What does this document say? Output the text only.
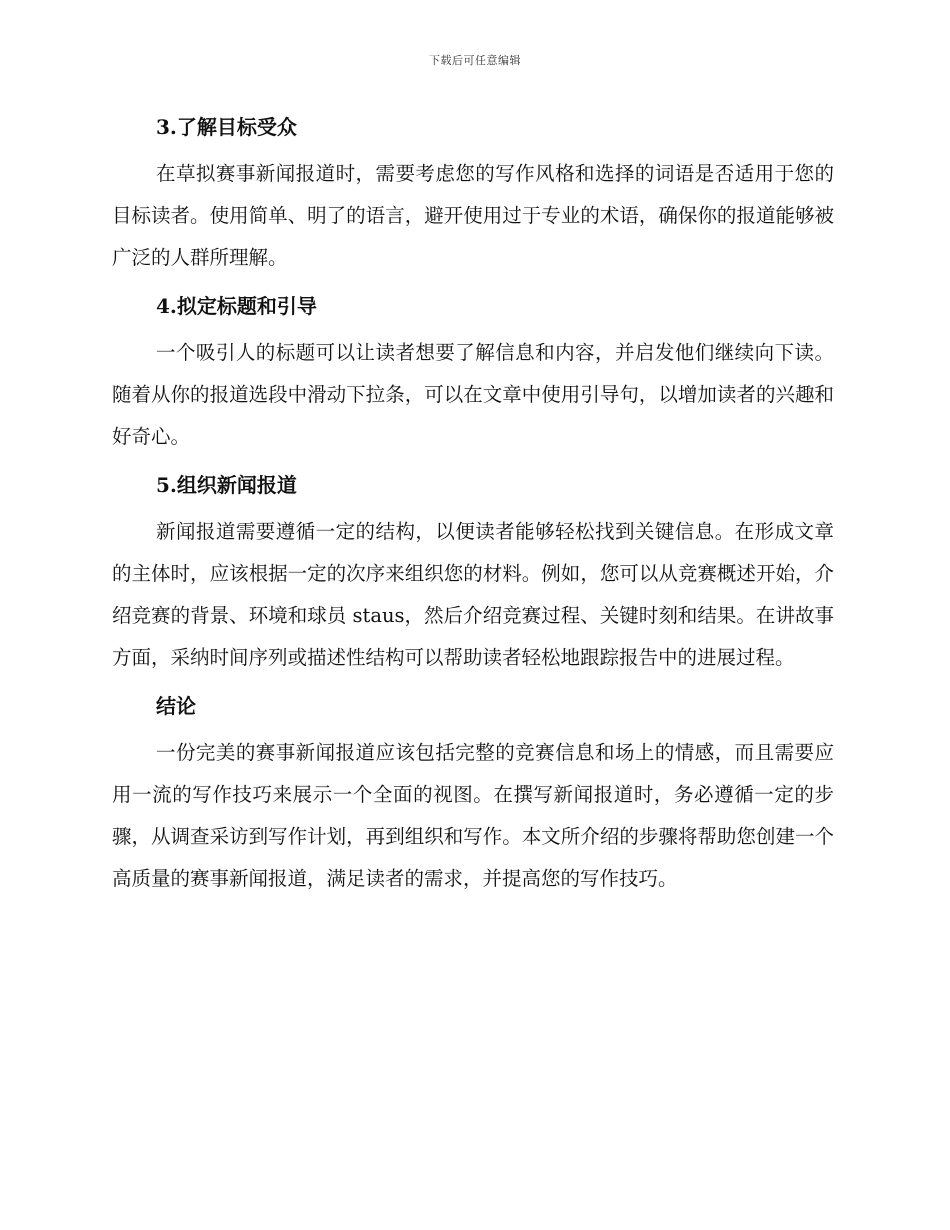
下载后可任意编辑
3.了解目标受众

在草拟赛事新闻报道时，需要考虑您的写作风格和选择的词语是否适用于您的目标读者。使用简单、明了的语言，避开使用过于专业的术语，确保你的报道能够被广泛的人群所理解。

4.拟定标题和引导

一个吸引人的标题可以让读者想要了解信息和内容，并启发他们继续向下读。随着从你的报道选段中滑动下拉条，可以在文章中使用引导句，以增加读者的兴趣和好奇心。

5.组织新闻报道

新闻报道需要遵循一定的结构，以便读者能够轻松找到关键信息。在形成文章的主体时，应该根据一定的次序来组织您的材料。例如，您可以从竞赛概述开始，介绍竞赛的背景、环境和球员 staus，然后介绍竞赛过程、关键时刻和结果。在讲故事方面，采纳时间序列或描述性结构可以帮助读者轻松地跟踪报告中的进展过程。

结论

一份完美的赛事新闻报道应该包括完整的竞赛信息和场上的情感，而且需要应用一流的写作技巧来展示一个全面的视图。在撰写新闻报道时，务必遵循一定的步骤，从调查采访到写作计划，再到组织和写作。本文所介绍的步骤将帮助您创建一个高质量的赛事新闻报道，满足读者的需求，并提高您的写作技巧。
